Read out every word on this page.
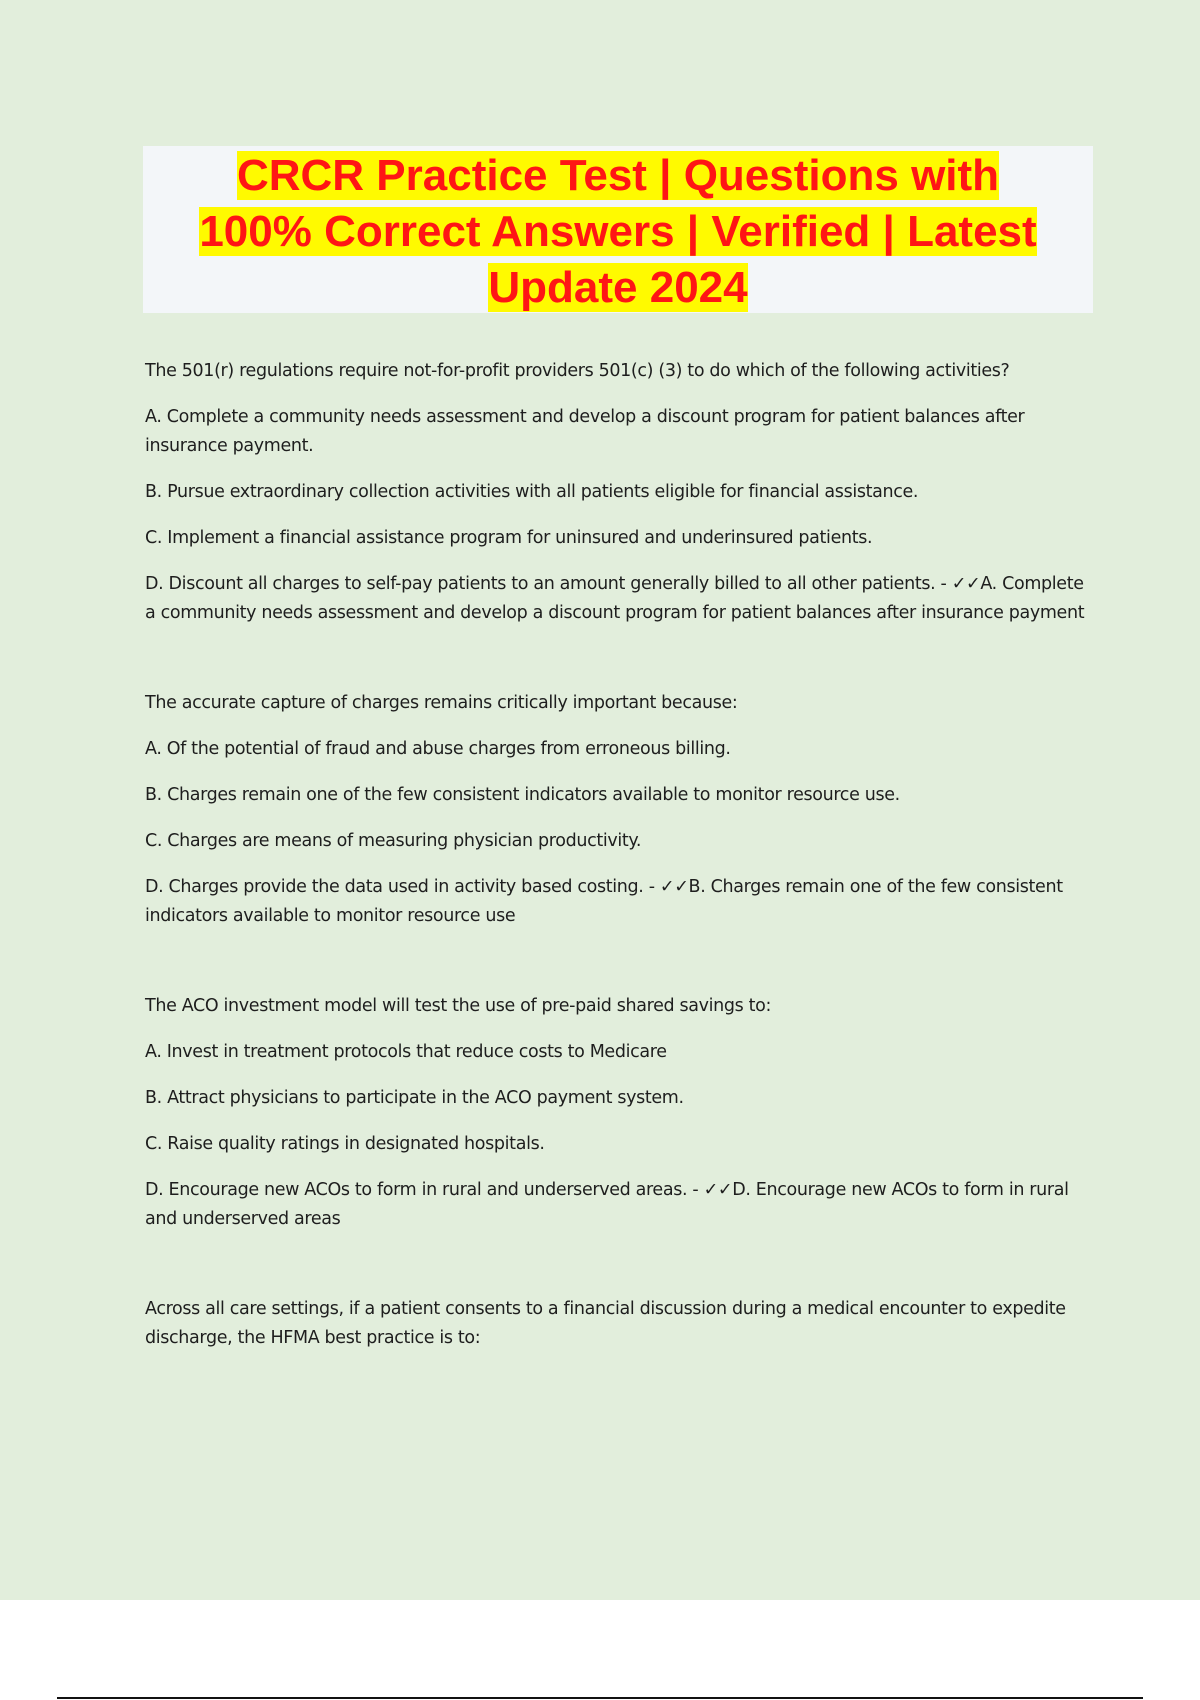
CRCR Practice Test | Questions with
100% Correct Answers | Verified | Latest
Update 2024

The 501(r) regulations require not-for-profit providers 501(c) (3) to do which of the following activities?

A. Complete a community needs assessment and develop a discount program for patient balances after insurance payment.

B. Pursue extraordinary collection activities with all patients eligible for financial assistance.

C. Implement a financial assistance program for uninsured and underinsured patients.

D. Discount all charges to self-pay patients to an amount generally billed to all other patients. - ✓✓A. Complete a community needs assessment and develop a discount program for patient balances after insurance payment

The accurate capture of charges remains critically important because:

A. Of the potential of fraud and abuse charges from erroneous billing.

B. Charges remain one of the few consistent indicators available to monitor resource use.

C. Charges are means of measuring physician productivity.

D. Charges provide the data used in activity based costing. - ✓✓B. Charges remain one of the few consistent indicators available to monitor resource use

The ACO investment model will test the use of pre-paid shared savings to:

A. Invest in treatment protocols that reduce costs to Medicare

B. Attract physicians to participate in the ACO payment system.

C. Raise quality ratings in designated hospitals.

D. Encourage new ACOs to form in rural and underserved areas. - ✓✓D. Encourage new ACOs to form in rural and underserved areas

Across all care settings, if a patient consents to a financial discussion during a medical encounter to expedite discharge, the HFMA best practice is to:
